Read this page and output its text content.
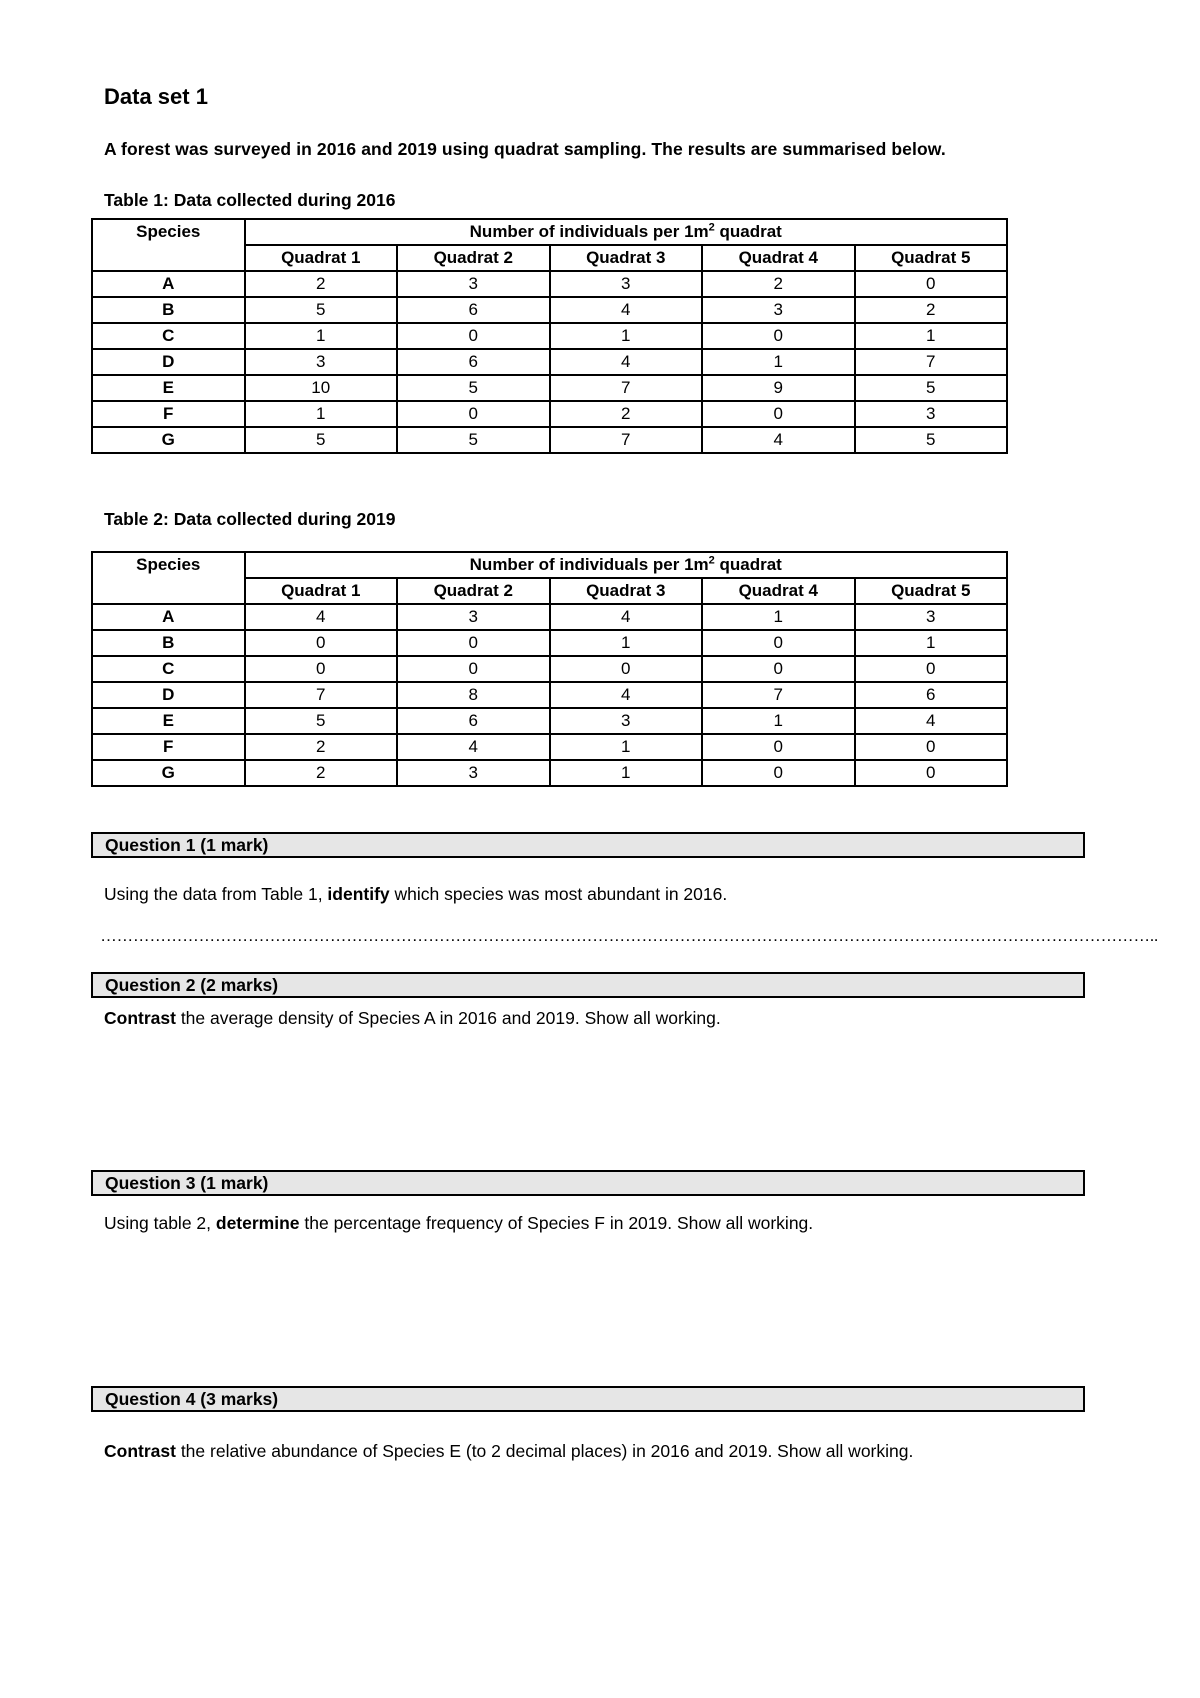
Data set 1
A forest was surveyed in 2016 and 2019 using quadrat sampling. The results are summarised below.
Table 1: Data collected during 2016
Species	Number of individuals per $1m^2$ quadrat				
	Quadrat 1	Quadrat 2	Quadrat 3	Quadrat 4	Quadrat 5
A	2	3	3	2	0
B	5	6	4	3	2
C	1	0	1	0	1
D	3	6	4	1	7
E	10	5	7	9	5
F	1	0	2	0	3
G	5	5	7	4	5
Table 2: Data collected during 2019
Species	Number of individuals per $1m^2$ quadrat				
	Quadrat 1	Quadrat 2	Quadrat 3	Quadrat 4	Quadrat 5
A	4	3	4	1	3
B	0	0	1	0	1
C	0	0	0	0	0
D	7	8	4	7	6
E	5	6	3	1	4
F	2	4	1	0	0
G	2	3	1	0	0
Question 1 (1 mark)
Using the data from Table 1, identify which species was most abundant in 2016.
…………………………………………………………………………………………………………………………………………………………………………..
Question 2 (2 marks)
Contrast the average density of Species A in 2016 and 2019. Show all working.
Question 3 (1 mark)
Using table 2, determine the percentage frequency of Species F in 2019. Show all working.
Question 4 (3 marks)
Contrast the relative abundance of Species E (to 2 decimal places) in 2016 and 2019. Show all working.
